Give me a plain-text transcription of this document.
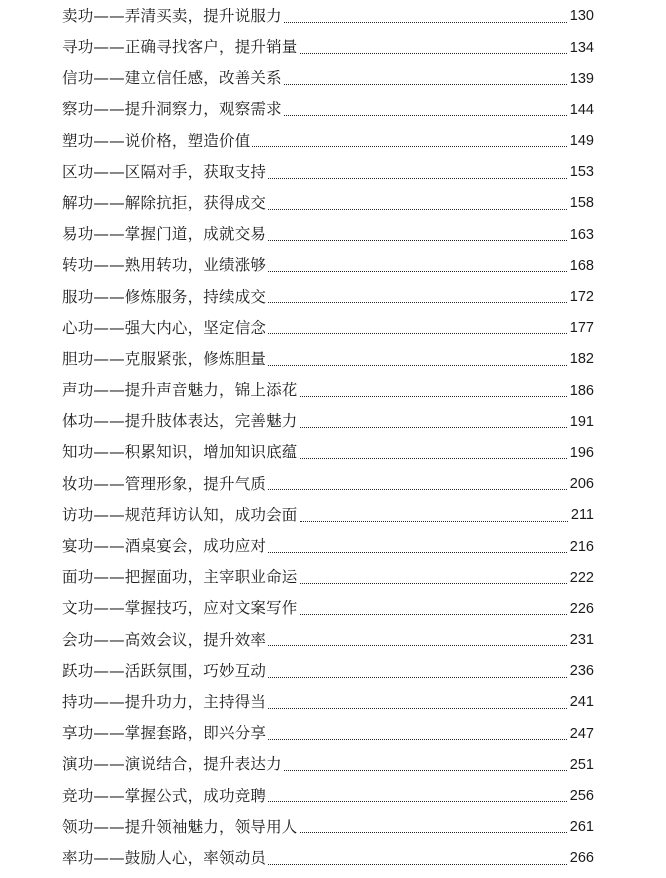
卖功——弄清买卖，提升说服力	130
寻功——正确寻找客户，提升销量	134
信功——建立信任感，改善关系	139
察功——提升洞察力，观察需求	144
塑功——说价格，塑造价值	149
区功——区隔对手，获取支持	153
解功——解除抗拒，获得成交	158
易功——掌握门道，成就交易	163
转功——熟用转功，业绩涨够	168
服功——修炼服务，持续成交	172
心功——强大内心，坚定信念	177
胆功——克服紧张，修炼胆量	182
声功——提升声音魅力，锦上添花	186
体功——提升肢体表达，完善魅力	191
知功——积累知识，增加知识底蕴	196
妆功——管理形象，提升气质	206
访功——规范拜访认知，成功会面	211
宴功——酒桌宴会，成功应对	216
面功——把握面功，主宰职业命运	222
文功——掌握技巧，应对文案写作	226
会功——高效会议，提升效率	231
跃功——活跃氛围，巧妙互动	236
持功——提升功力，主持得当	241
享功——掌握套路，即兴分享	247
演功——演说结合，提升表达力	251
竞功——掌握公式，成功竞聘	256
领功——提升领袖魅力，领导用人	261
率功——鼓励人心，率领动员	266
